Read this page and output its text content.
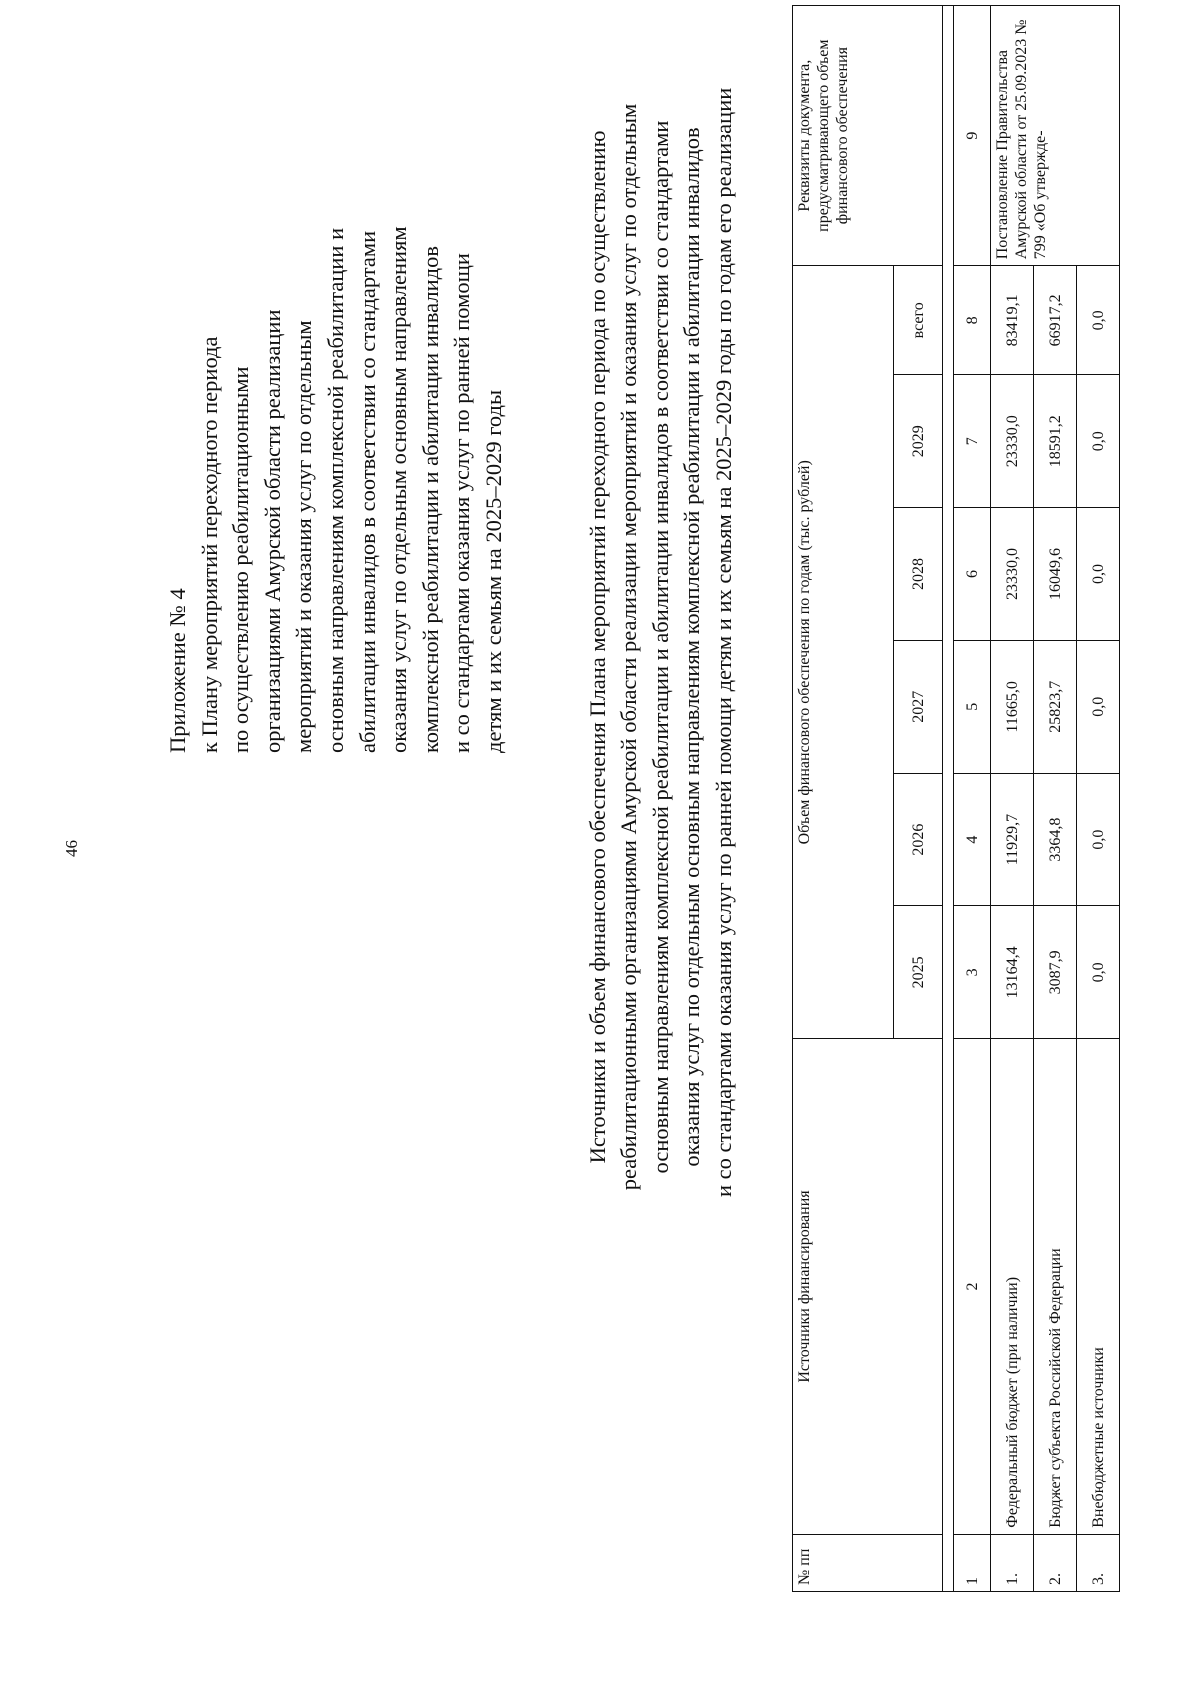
46
Приложение № 4 к Плану мероприятий переходного периода по осуществлению реабилитационными организациями Амурской области реализации мероприятий и оказания услуг по отдельным основным направлениям комплексной реабилитации и абилитации инвалидов в соответствии со стандартами оказания услуг по отдельным основным направлениям комплексной реабилитации и абилитации инвалидов и со стандартами оказания услуг по ранней помощи детям и их семьям на 2025–2029 годы	Источники и объем финансового обеспечения Плана мероприятий переходного периода по осуществлению реабилитационными организациями Амурской области реализации мероприятий и оказания услуг по отдельным основным направлениям комплексной реабилитации и абилитации инвалидов в соответствии со стандартами оказания услуг по отдельным основным направлениям комплексной реабилитации и абилитации инвалидов и со стандартами оказания услуг по ранней помощи детям и их семьям на 2025–2029 годы по годам его реализации
№ пп	Источники финансирования	Объем финансового обеспечения по годам (тыс. рублей)						Реквизиты документа, предусматривающего объем финансового обеспечения
		2025	2026	2027	2028	2029	всего	

1	2	3	4	5	6	7	8	9
1.	Федеральный бюджет (при наличии)	13164,4	11929,7	11665,0	23330,0	23330,0	83419,1	Постановление Правительства Амурской области от 25.09.2023 № 799 «Об утвержде-
2.	Бюджет субъекта Российской Федерации	3087,9	3364,8	25823,7	16049,6	18591,2	66917,2	
3.	Внебюджетные источники	0,0	0,0	0,0	0,0	0,0	0,0	
